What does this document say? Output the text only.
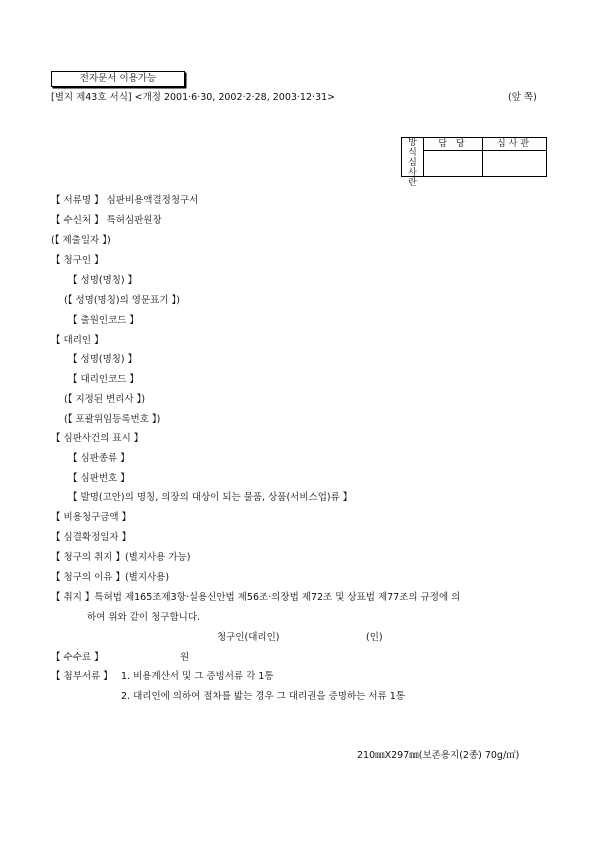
전자문서 이용가능
[별지 제43호 서식] <개정 2001·6·30, 2002·2·28, 2003·12·31>	(앞 쪽)
방
식
심
사
란
담 당	심사관
【 서류명 】 심판비용액결정청구서
【 수신처 】 특허심판원장
(【 제출일자 】)
【 청구인 】
【 성명(명칭) 】
(【 성명(명칭)의 영문표기 】)
【 출원인코드 】
【 대리인 】
【 성명(명칭) 】
【 대리인코드 】
(【 지정된 변리사 】)
(【 포괄위임등록번호 】)
【 심판사건의 표시 】
【 심판종류 】
【 심판번호 】
【 발명(고안)의 명칭, 의장의 대상이 되는 물품, 상품(서비스업)류 】
【 비용청구금액 】
【 심결확정일자 】
【 청구의 취지 】(별지사용 가능)
【 청구의 이유 】(별지사용)
【 취지 】특허법 제165조제3항·실용신안법 제56조·의장법 제72조 및 상표법 제77조의 규정에 의
하여 위와 같이 청구합니다.
청구인(대리인)	(인)
【 수수료 】	원
【 첨부서류 】 1. 비용계산서 및 그 증빙서류 각 1통
2. 대리인에 의하여 절차를 밟는 경우 그 대리권을 증명하는 서류 1통
210㎜X297㎜(보존용지(2종) 70g/㎡)
